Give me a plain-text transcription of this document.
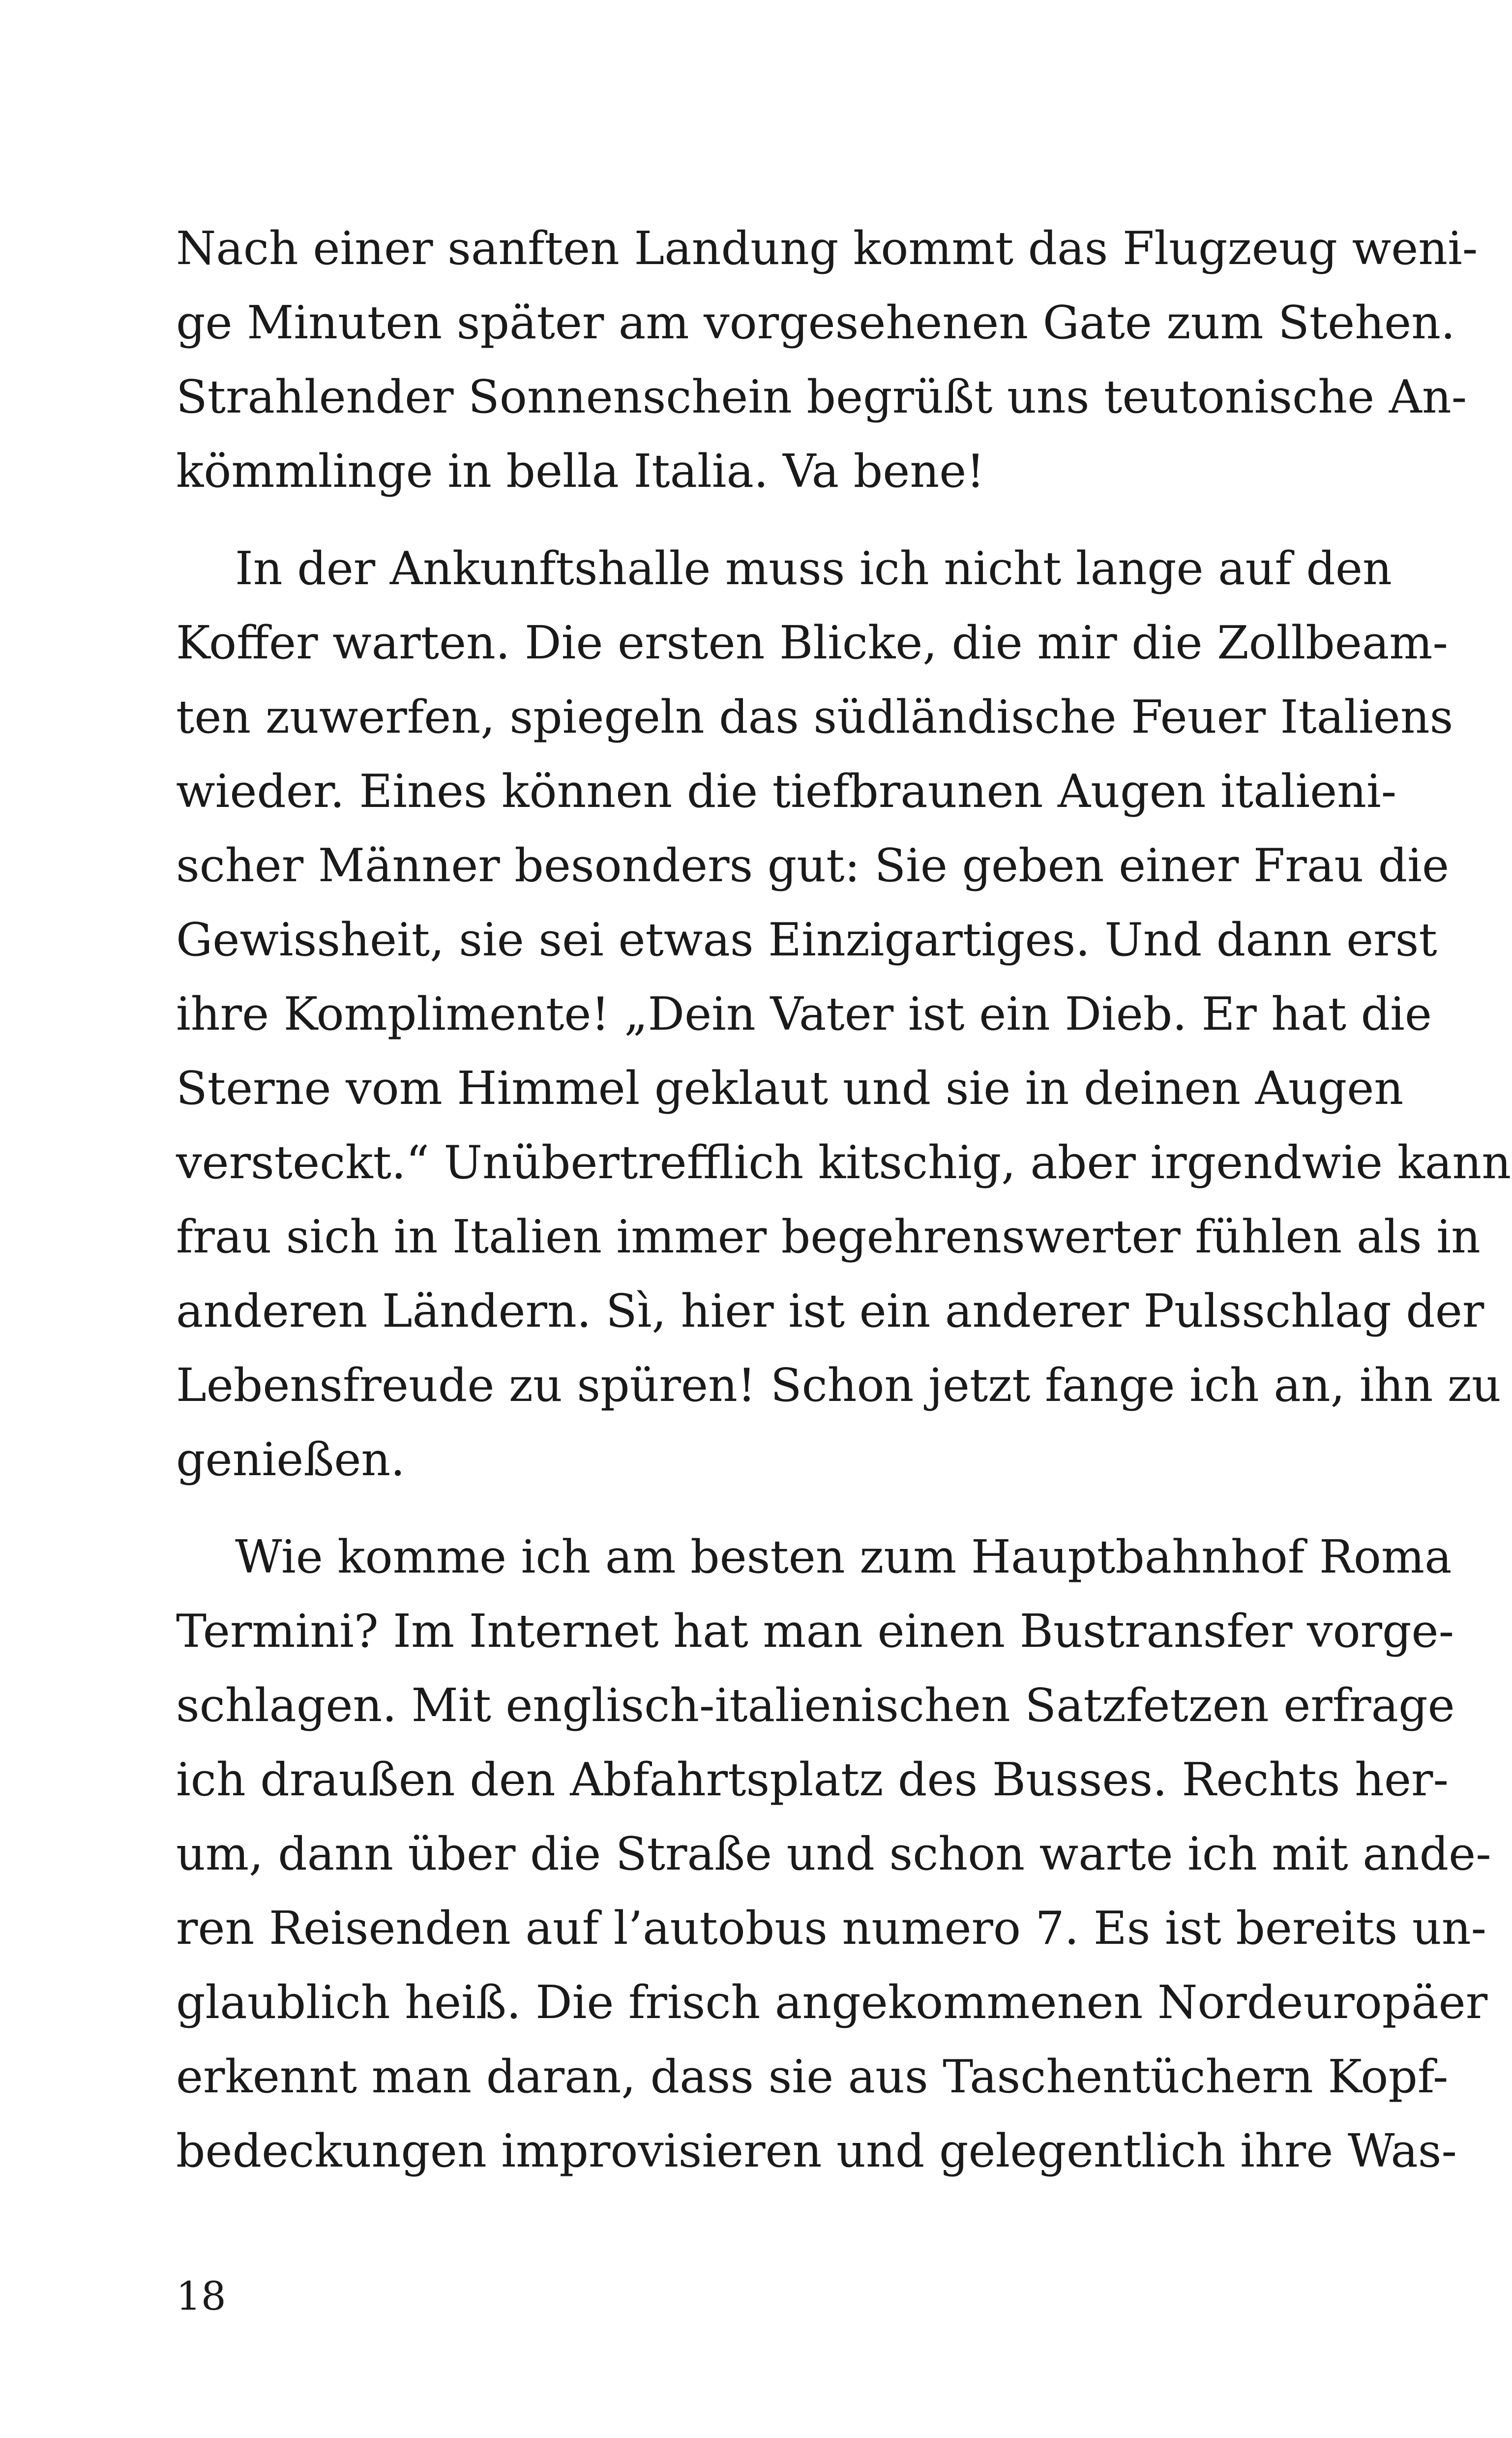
Nach einer sanften Landung kommt das Flugzeug weni-
ge Minuten später am vorgesehenen Gate zum Stehen.
Strahlender Sonnenschein begrüßt uns teutonische An-
kömmlinge in bella Italia. Va bene!
In der Ankunftshalle muss ich nicht lange auf den
Koffer warten. Die ersten Blicke, die mir die Zollbeam-
ten zuwerfen, spiegeln das südländische Feuer Italiens
wieder. Eines können die tiefbraunen Augen italieni-
scher Männer besonders gut: Sie geben einer Frau die
Gewissheit, sie sei etwas Einzigartiges. Und dann erst
ihre Komplimente! „Dein Vater ist ein Dieb. Er hat die
Sterne vom Himmel geklaut und sie in deinen Augen
versteckt.“ Unübertrefflich kitschig, aber irgendwie kann
frau sich in Italien immer begehrenswerter fühlen als in
anderen Ländern. Sì, hier ist ein anderer Pulsschlag der
Lebensfreude zu spüren! Schon jetzt fange ich an, ihn zu
genießen.
Wie komme ich am besten zum Hauptbahnhof Roma
Termini? Im Internet hat man einen Bustransfer vorge-
schlagen. Mit englisch-italienischen Satzfetzen erfrage
ich draußen den Abfahrtsplatz des Busses. Rechts her-
um, dann über die Straße und schon warte ich mit ande-
ren Reisenden auf l’autobus numero 7. Es ist bereits un-
glaublich heiß. Die frisch angekommenen Nordeuropäer
erkennt man daran, dass sie aus Taschentüchern Kopf-
bedeckungen improvisieren und gelegentlich ihre Was-
18
